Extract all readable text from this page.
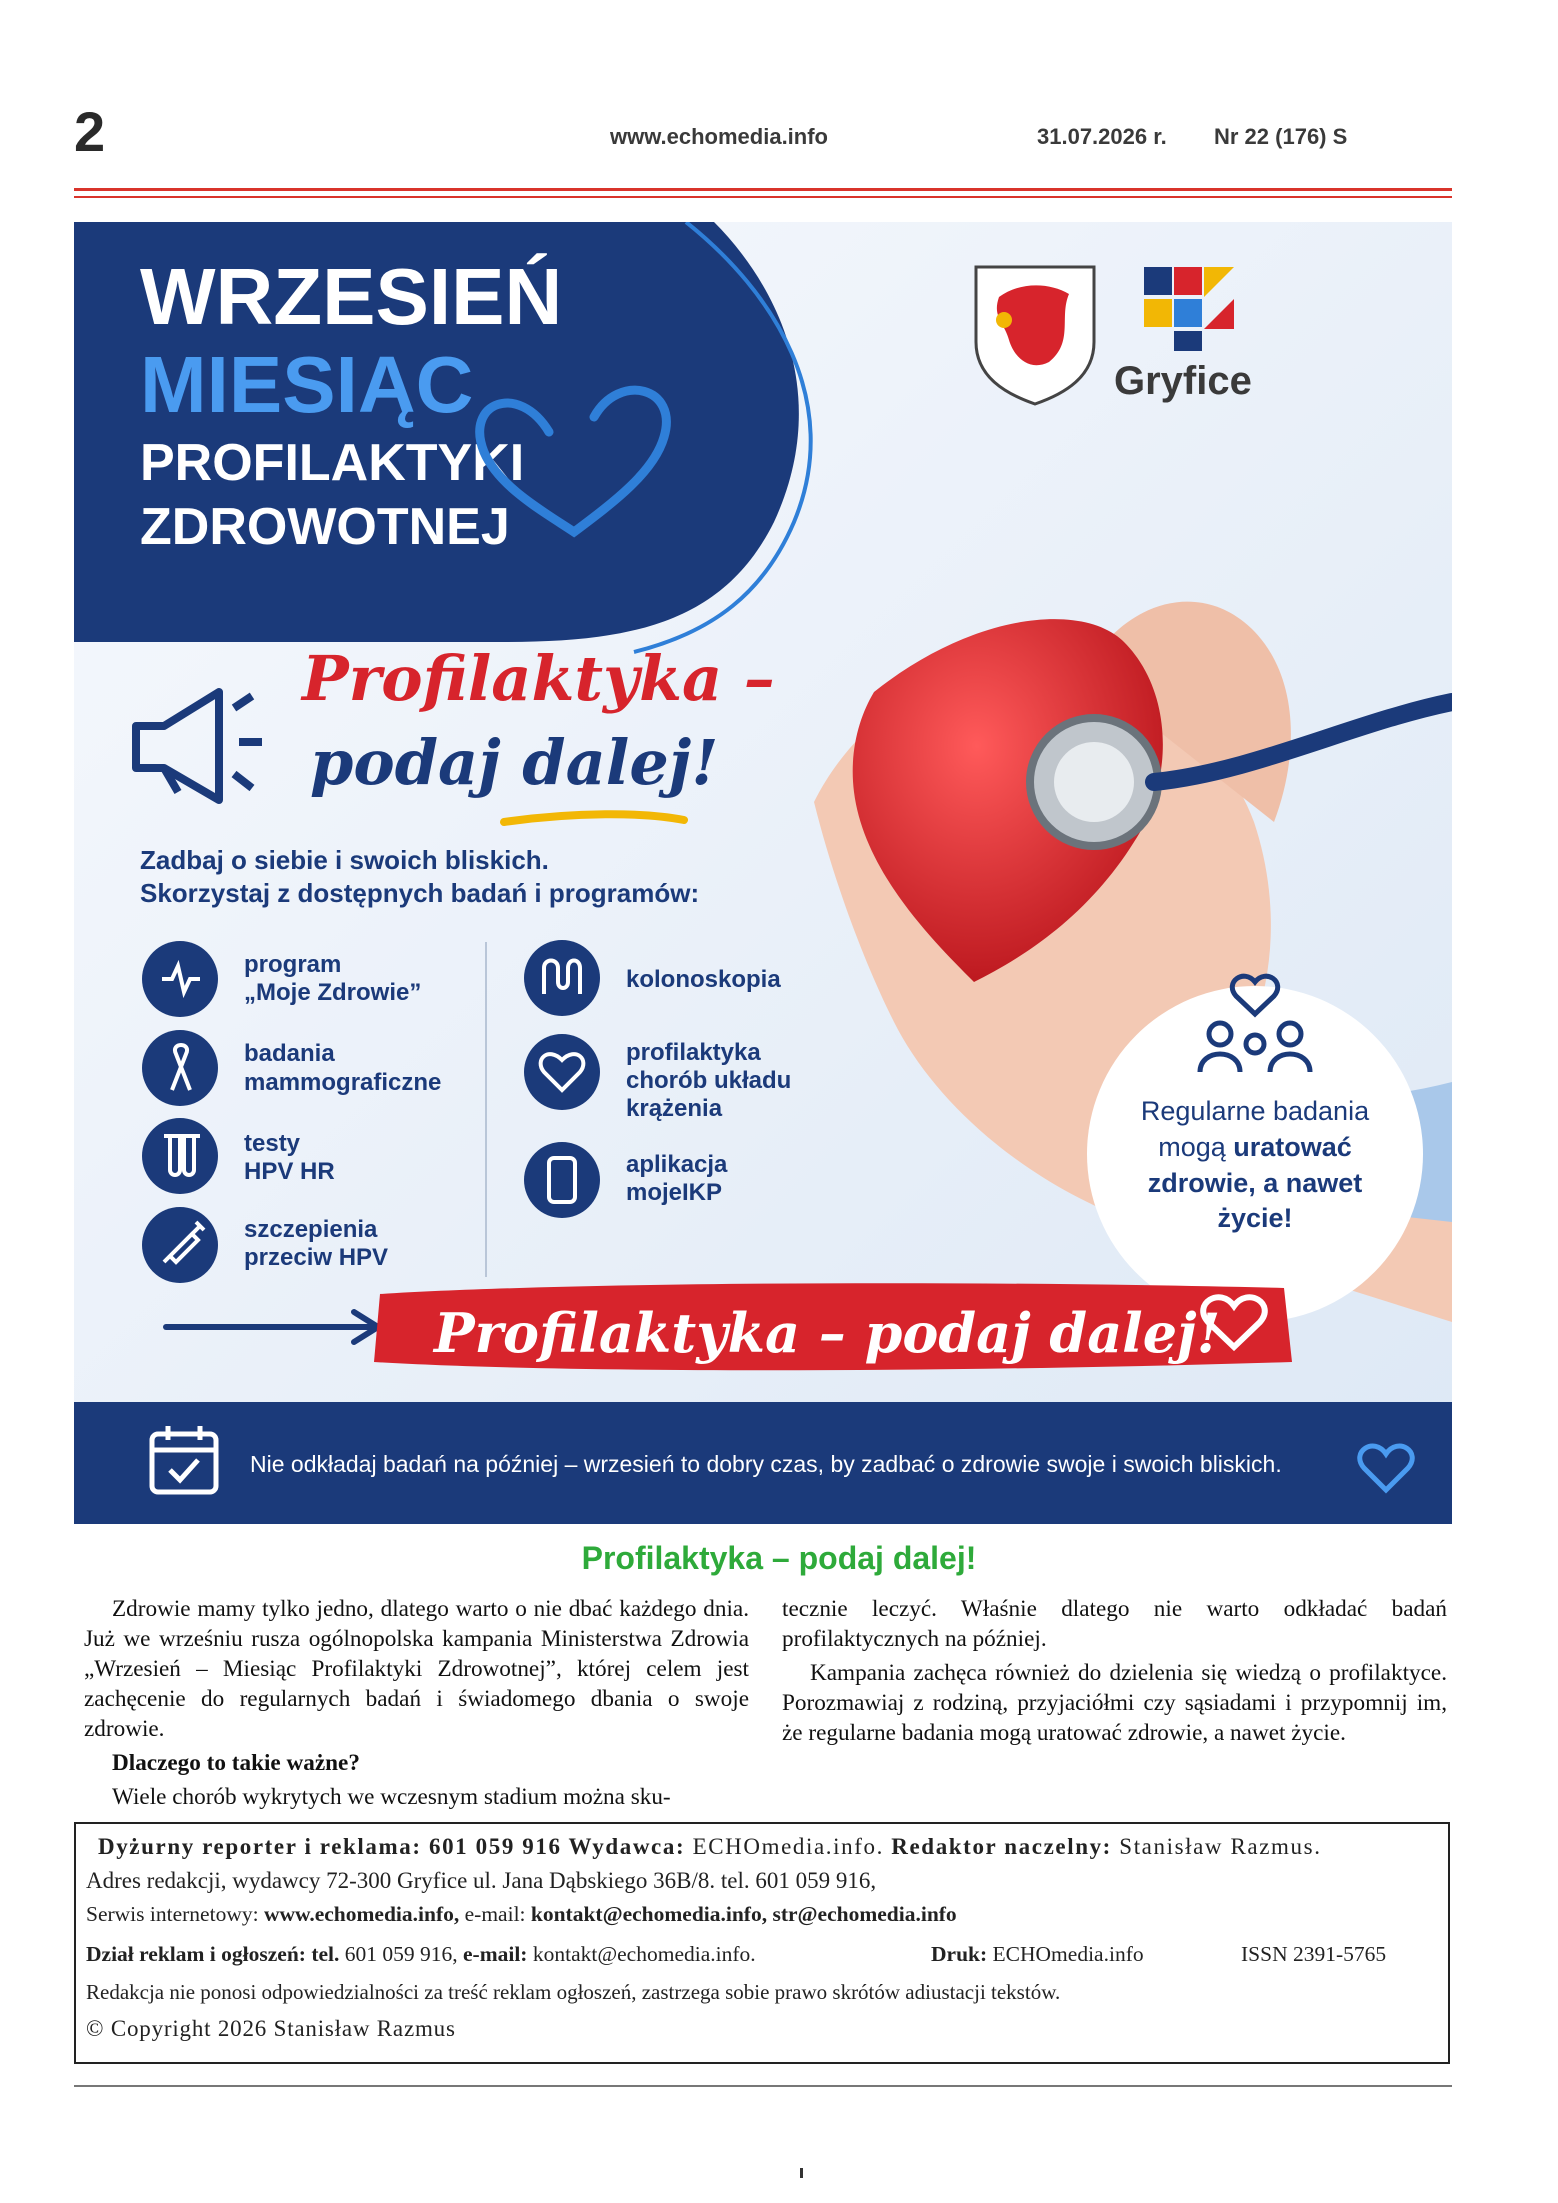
2	www.echomedia.info	31.07.2026 r. Nr 22 (176) S
WRZESIEŃ
MIESIĄC
PROFILAKTYKI
ZDROWOTNEJ
Gryfice
Profilaktyka –
podaj dalej!
Zadbaj o siebie i swoich bliskich.
Skorzystaj z dostępnych badań i programów:
program
„Moje Zdrowie”
badania
mammograficzne
testy
HPV HR
szczepienia
przeciw HPV
kolonoskopia
profilaktyka
chorób układu
krążenia
aplikacja
mojeIKP
Regularne badania
mogą uratować
zdrowie, a nawet
życie!
Profilaktyka – podaj dalej!
Nie odkładaj badań na później – wrzesień to dobry czas, by zadbać o zdrowie swoje i swoich bliskich.
Profilaktyka – podaj dalej!

Zdrowie mamy tylko jedno, dlatego warto o nie dbać każdego dnia. Już we wrześniu rusza ogólnopolska kampania Ministerstwa Zdrowia „Wrzesień – Miesiąc Profilaktyki Zdrowotnej”, której celem jest zachęcenie do regularnych badań i świadomego dbania o swoje zdrowie.

Dlaczego to takie ważne?

Wiele chorób wykrytych we wczesnym stadium można sku-

tecznie leczyć. Właśnie dlatego nie warto odkładać badań profilaktycznych na później.

Kampania zachęca również do dzielenia się wiedzą o profilaktyce. Porozmawiaj z rodziną, przyjaciółmi czy sąsiadami i przypomnij im, że regularne badania mogą uratować zdrowie, a nawet życie.

Dyżurny reporter i reklama: 601 059 916 Wydawca: ECHOmedia.info. Redaktor naczelny: Stanisław Razmus.
Adres redakcji, wydawcy 72-300 Gryfice ul. Jana Dąbskiego 36B/8. tel. 601 059 916,
Serwis internetowy: www.echomedia.info, e-mail: kontakt@echomedia.info, str@echomedia.info
Dział reklam i ogłoszeń: tel. 601 059 916, e-mail: kontakt@echomedia.info.	Druk: ECHOmedia.info	ISSN 2391-5765
Redakcja nie ponosi odpowiedzialności za treść reklam ogłoszeń, zastrzega sobie prawo skrótów adiustacji tekstów.
© Copyright 2026 Stanisław Razmus
